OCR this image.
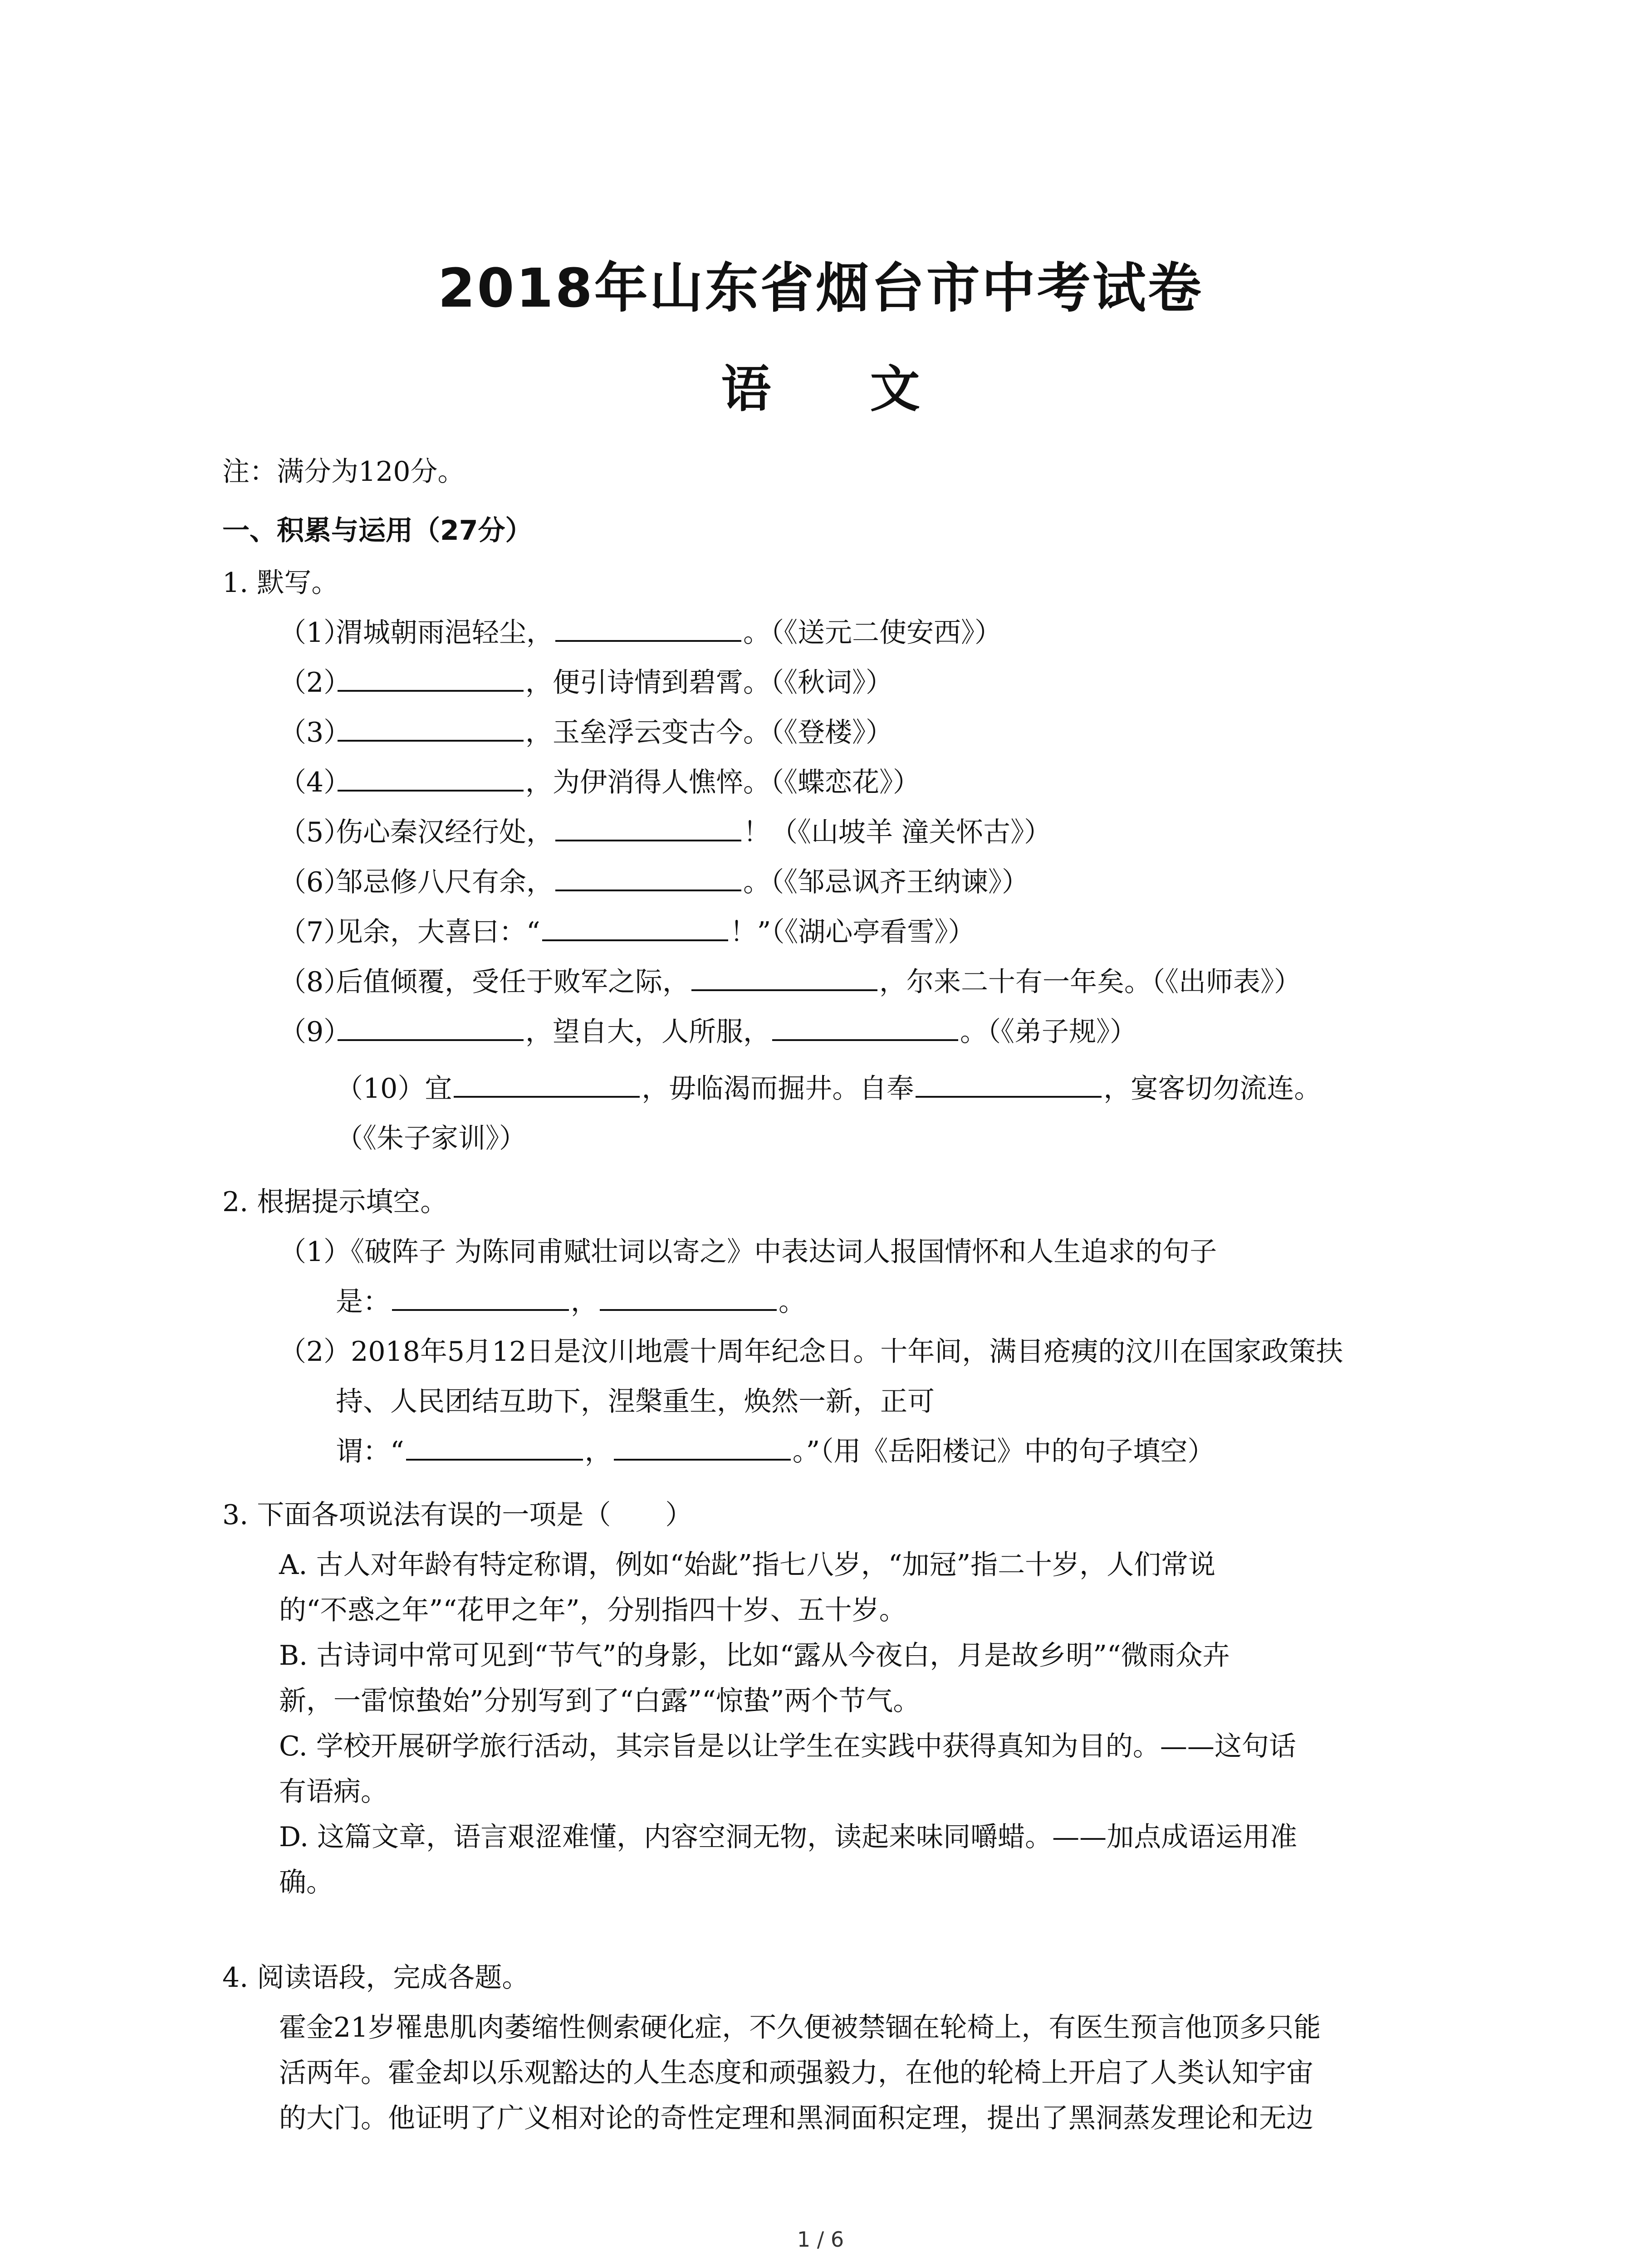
2018年山东省烟台市中考试卷
语 文
注：满分为120分。
一、积累与运用（27分）
1. 默写。
（1）渭城朝雨浥轻尘，	。（《送元二使安西》）
（2）	，便引诗情到碧霄。（《秋词》）
（3）	，玉垒浮云变古今。（《登楼》）
（4）	，为伊消得人憔悴。（《蝶恋花》）
（5）伤心秦汉经行处，	！（《山坡羊 潼关怀古》）
（6）邹忌修八尺有余，	。（《邹忌讽齐王纳谏》）
（7）见余，大喜曰：“	！”（《湖心亭看雪》）
（8）后值倾覆，受任于败军之际，	，尔来二十有一年矣。（《出师表》）
（9）	，望自大，人所服，	。（《弟子规》）
（10）宜	，毋临渴而掘井。自奉	，宴客切勿流连。
（《朱子家训》）
2. 根据提示填空。
（1）《破阵子 为陈同甫赋壮词以寄之》中表达词人报国情怀和人生追求的句子
是：	，	。
（2）2018年5月12日是汶川地震十周年纪念日。十年间，满目疮痍的汶川在国家政策扶
持、人民团结互助下，涅槃重生，焕然一新，正可
谓：“	，	。”（用《岳阳楼记》中的句子填空）
3. 下面各项说法有误的一项是（　　）
A. 古人对年龄有特定称谓，例如“始龀”指七八岁，“加冠”指二十岁，人们常说
的“不惑之年”“花甲之年”，分别指四十岁、五十岁。
B. 古诗词中常可见到“节气”的身影，比如“露从今夜白，月是故乡明”“微雨众卉
新，一雷惊蛰始”分别写到了“白露”“惊蛰”两个节气。
C. 学校开展研学旅行活动，其宗旨是以让学生在实践中获得真知为目的。——这句话
有语病。
D. 这篇文章，语言艰涩难懂，内容空洞无物，读起来味同嚼蜡。——加点成语运用准
确。
4. 阅读语段，完成各题。
霍金21岁罹患肌肉萎缩性侧索硬化症，不久便被禁锢在轮椅上，有医生预言他顶多只能
活两年。霍金却以乐观豁达的人生态度和顽强毅力，在他的轮椅上开启了人类认知宇宙
的大门。他证明了广义相对论的奇性定理和黑洞面积定理，提出了黑洞蒸发理论和无边
1 / 6
